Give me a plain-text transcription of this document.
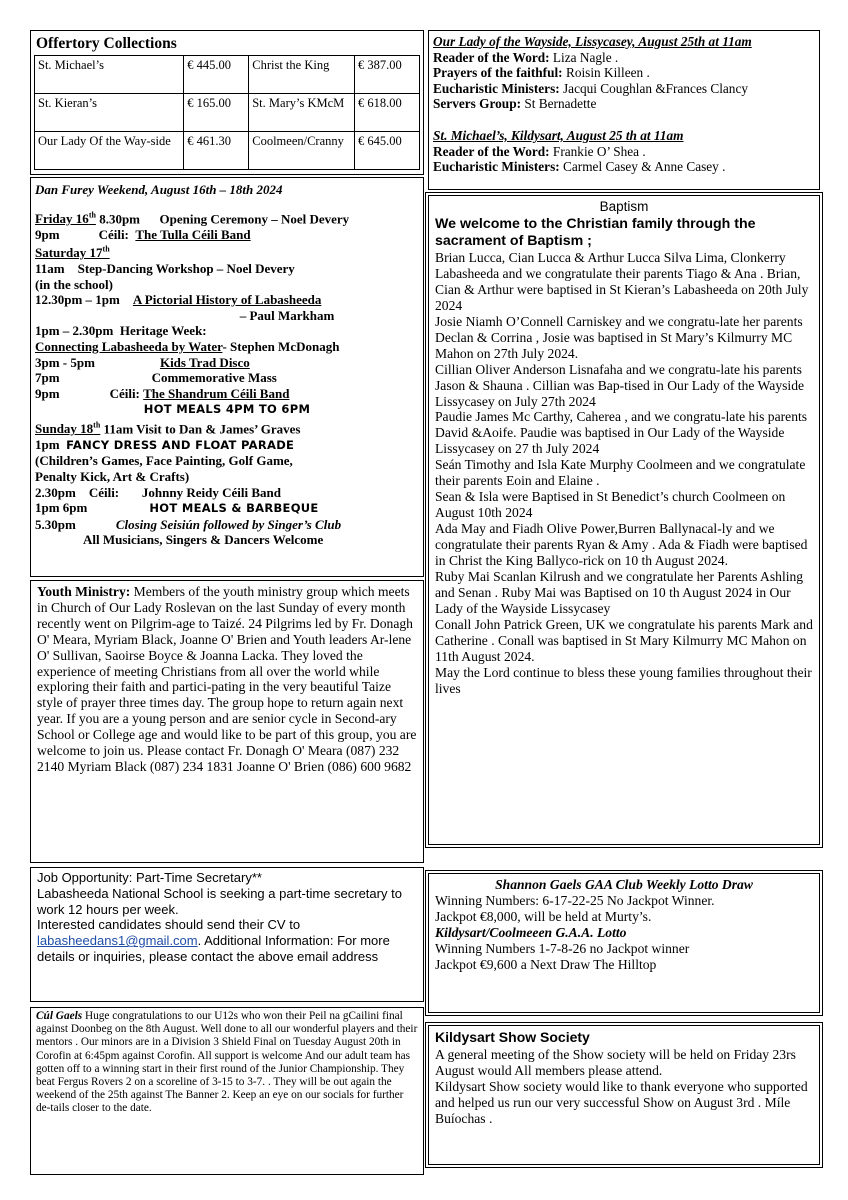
Offertory Collections
St. Michael’s	€ 445.00	Christ the King	€ 387.00
St. Kieran’s	€ 165.00	St. Mary’s KMcM	€ 618.00
Our Lady Of the Way-side	€ 461.30	Coolmeen/Cranny	€ 645.00
Dan Furey Weekend, August 16th – 18th 2024
Friday 16th 8.30pm Opening Ceremony – Noel Devery
9pm	Céili: The Tulla Céili Band
Saturday 17th
11am Step-Dancing Workshop – Noel Devery
(in the school)
12.30pm – 1pm A Pictorial History of Labasheeda
– Paul Markham
1pm – 2.30pm Heritage Week:
Connecting Labasheeda by Water- Stephen McDonagh
3pm - 5pm	Kids Trad Disco
7pm	Commemorative Mass
9pm	Céili: The Shandrum Céili Band
HOT MEALS 4PM TO 6PM
Sunday 18th 11am Visit to Dan & James’ Graves
1pm FANCY DRESS AND FLOAT PARADE
(Children’s Games, Face Painting, Golf Game,
Penalty Kick, Art & Crafts)
2.30pm Céili: Johnny Reidy Céili Band
1pm 6pm	HOT MEALS & BARBEQUE
5.30pm	Closing Seisiún followed by Singer’s Club
All Musicians, Singers & Dancers Welcome

Youth Ministry: Members of the youth ministry group which meets in Church of Our Lady Roslevan on the last Sunday of every month recently went on Pilgrim-age to Taizé. 24 Pilgrims led by Fr. Donagh O' Meara, Myriam Black, Joanne O' Brien and Youth leaders Ar-lene O' Sullivan, Saoirse Boyce & Joanna Lacka. They loved the experience of meeting Christians from all over the world while exploring their faith and partici-pating in the very beautiful Taize style of prayer three times day. The group hope to return again next year. If you are a young person and are senior cycle in Second-ary School or College age and would like to be part of this group, you are welcome to join us. Please contact Fr. Donagh O' Meara (087) 232 2140 Myriam Black (087) 234 1831 Joanne O' Brien (086) 600 9682

Job Opportunity: Part-Time Secretary**

Labasheeda National School is seeking a part-time secretary to work 12 hours per week.

Interested candidates should send their CV to labasheedans1@gmail.com. Additional Information: For more details or inquiries, please contact the above email address

Cúl Gaels Huge congratulations to our U12s who won their Peil na gCailini final against Doonbeg on the 8th August. Well done to all our wonderful players and their mentors . Our minors are in a Division 3 Shield Final on Tuesday August 20th in Corofin at 6:45pm against Corofin. All support is welcome And our adult team has gotten off to a winning start in their first round of the Junior Championship. They beat Fergus Rovers 2 on a scoreline of 3-15 to 3-7. . They will be out again the weekend of the 25th against The Banner 2. Keep an eye on our socials for further de-tails closer to the date.

Our Lady of the Wayside, Lissycasey, August 25th at 11am
Reader of the Word: Liza Nagle .
Prayers of the faithful: Roisin Killeen .
Eucharistic Ministers: Jacqui Coughlan &Frances Clancy
Servers Group: St Bernadette
St. Michael’s, Kildysart, August 25 th at 11am
Reader of the Word: Frankie O’ Shea .
Eucharistic Ministers: Carmel Casey & Anne Casey .
Baptism

We welcome to the Christian family through the sacrament of Baptism ;

Brian Lucca, Cian Lucca & Arthur Lucca Silva Lima, Clonkerry Labasheeda and we congratulate their parents Tiago & Ana . Brian, Cian & Arthur were baptised in St Kieran’s Labasheeda on 20th July 2024

Josie Niamh O’Connell Carniskey and we congratu-late her parents Declan & Corrina , Josie was baptised in St Mary’s Kilmurry MC Mahon on 27th July 2024.

Cillian Oliver Anderson Lisnafaha and we congratu-late his parents Jason & Shauna . Cillian was Bap-tised in Our Lady of the Wayside Lissycasey on July 27th 2024

Paudie James Mc Carthy, Caherea , and we congratu-late his parents David &Aoife. Paudie was baptised in Our Lady of the Wayside Lissycasey on 27 th July 2024

Seán Timothy and Isla Kate Murphy Coolmeen and we congratulate their parents Eoin and Elaine .

Sean & Isla were Baptised in St Benedict’s church Coolmeen on August 10th 2024

Ada May and Fiadh Olive Power,Burren Ballynacal-ly and we congratulate their parents Ryan & Amy . Ada & Fiadh were baptised in Christ the King Ballyco-rick on 10 th August 2024.

Ruby Mai Scanlan Kilrush and we congratulate her Parents Ashling and Senan . Ruby Mai was Baptised on 10 th August 2024 in Our Lady of the Wayside Lissycasey

Conall John Patrick Green, UK we congratulate his parents Mark and Catherine . Conall was baptised in St Mary Kilmurry MC Mahon on 11th August 2024.

May the Lord continue to bless these young families throughout their lives

Shannon Gaels GAA Club Weekly Lotto Draw
Winning Numbers: 6-17-22-25 No Jackpot Winner.
Jackpot €8,000, will be held at Murty’s.
Kildysart/Coolmeeen G.A.A. Lotto
Winning Numbers 1-7-8-26 no Jackpot winner
Jackpot €9,600 a Next Draw The Hilltop
Kildysart Show Society

A general meeting of the Show society will be held on Friday 23rs August would All members please attend.

Kildysart Show society would like to thank everyone who supported and helped us run our very successful Show on August 3rd . Míle Buíochas .
